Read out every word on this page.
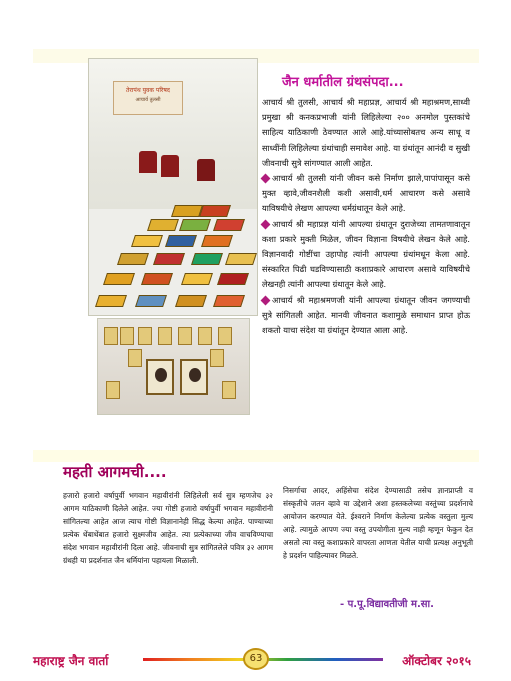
तेरापंथ युवक परिषद
आचार्य तुलसी
जैन धर्मातील ग्रंथसंपदा...

आचार्य श्री तुलसी, आचार्य श्री महाप्रज्ञ, आचार्य श्री महाश्रमण,साध्वी प्रमुखा श्री कनकप्रभाजी यांनी लिहिलेल्या २०० अनमोल पुस्तकांचे साहित्य याठिकाणी ठेवण्यात आले आहे.यांच्यासोबतच अन्य साधू व साध्वींनी लिहिलेल्या ग्रंथांचाही समावेश आहे. या ग्रंथांतून आनंदी व सुखी जीवनाची सुत्रे सांगण्यात आली आहेत.

आचार्य श्री तुलसी यांनी जीवन कसे निर्माण झाले,पापांपासून कसे मुक्त व्हावे,जीवनशैली कशी असावी,धर्म आचारण कसे असावे याविषयीचे लेखण आपल्या धर्मग्रंथातून केले आहे.

आचार्य श्री महाप्रज्ञ यांनी आपल्या ग्रंथातून दुराजेच्या तामतणावातून कशा प्रकारे मुक्ती मिळेल, जीवन विज्ञाना विषयीचे लेखन केले आहे. विज्ञानवादी गोष्टींचा उहापोह त्यांनी आपल्या ग्रंथांमधून केला आहे. संस्कारित पिढी घडविण्यासाठी कशाप्रकारे आचारण असावे याविषयीचे लेखनही त्यांनी आपल्या ग्रंथातून केले आहे.

आचार्य श्री महाश्रमणजी यांनी आपल्या ग्रंथातून जीवन जगण्याची सुत्रे सांगितली आहेत. मानवी जीवनात कशामुळे समाधान प्राप्त होऊ शकतो याचा संदेश या ग्रंथांतून देण्यात आला आहे.

महती आगमची....
हजारो हजारो वर्षापुर्वी भगवान महावीरांनी लिहिलेली सर्व सुत्र म्हणजेच ३२ आगम याठिकाणी दिलेले आहेत. ज्या गोष्टी हजारो वर्षापुर्वी भगवान महावीरांनी सांगितल्या आहेत आज त्याच गोष्टी विज्ञानानेही सिद्ध केल्या आहेत. पाण्याच्या प्रत्येक थेंबाथेंबात हजारो सुक्ष्मजीव आहेत. त्या प्रत्येकाच्या जीव वाचविण्याचा संदेश भगवान महावीरांनी दिला आहे. जीवनाची सुत्र सांगितलेले पवित्र ३२ आगम ग्रंथही या प्रदर्शनात जैन धर्मियांना पहायला मिळाली.
निसर्गाचा आदर, अहिंसेचा संदेश देण्यासाठी तसेच ज्ञानप्राप्ती व संस्कृतीचे जतन व्हावे या उद्देशाने अशा हस्तकलेच्या वस्तुंच्या प्रदर्शनाचे आयोजन करण्यात येते. ईश्वराने निर्माण केलेल्या प्रत्येक वस्तुला मुल्य आहे. त्यामुळे आपण ज्या वस्तु उपयोगीता मुल्य नाही म्हणून फेकुन देत असतो त्या वस्तु कशाप्रकारे वापरता आणता येतील याची प्रत्यक्ष अनुभूती हे प्रदर्शन पाहिल्यावर मिळते.
- प.पू.विद्यावतीजी म.सा.
महाराष्ट्र जैन वार्ता	63	ऑक्टोबर २०१५
